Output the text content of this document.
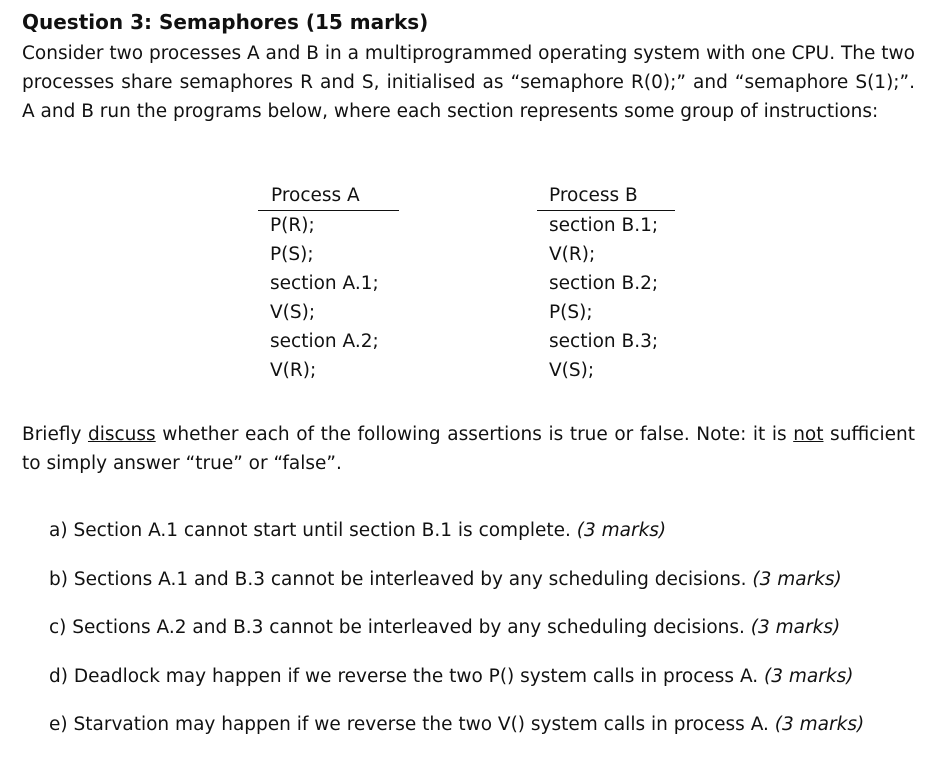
Question 3: Semaphores (15 marks)
Consider two processes A and B in a multiprogrammed operating system with one CPU. The two processes share semaphores R and S, initialised as “semaphore R(0);” and “semaphore S(1);”. A and B run the programs below, where each section represents some group of instructions:
Process A
P(R);
P(S);
section A.1;
V(S);
section A.2;
V(R);
Process B
section B.1;
V(R);
section B.2;
P(S);
section B.3;
V(S);
Briefly discuss whether each of the following assertions is true or false. Note: it is not sufficient to simply answer “true” or “false”.
a) Section A.1 cannot start until section B.1 is complete. (3 marks)
b) Sections A.1 and B.3 cannot be interleaved by any scheduling decisions. (3 marks)
c) Sections A.2 and B.3 cannot be interleaved by any scheduling decisions. (3 marks)
d) Deadlock may happen if we reverse the two P() system calls in process A. (3 marks)
e) Starvation may happen if we reverse the two V() system calls in process A. (3 marks)
